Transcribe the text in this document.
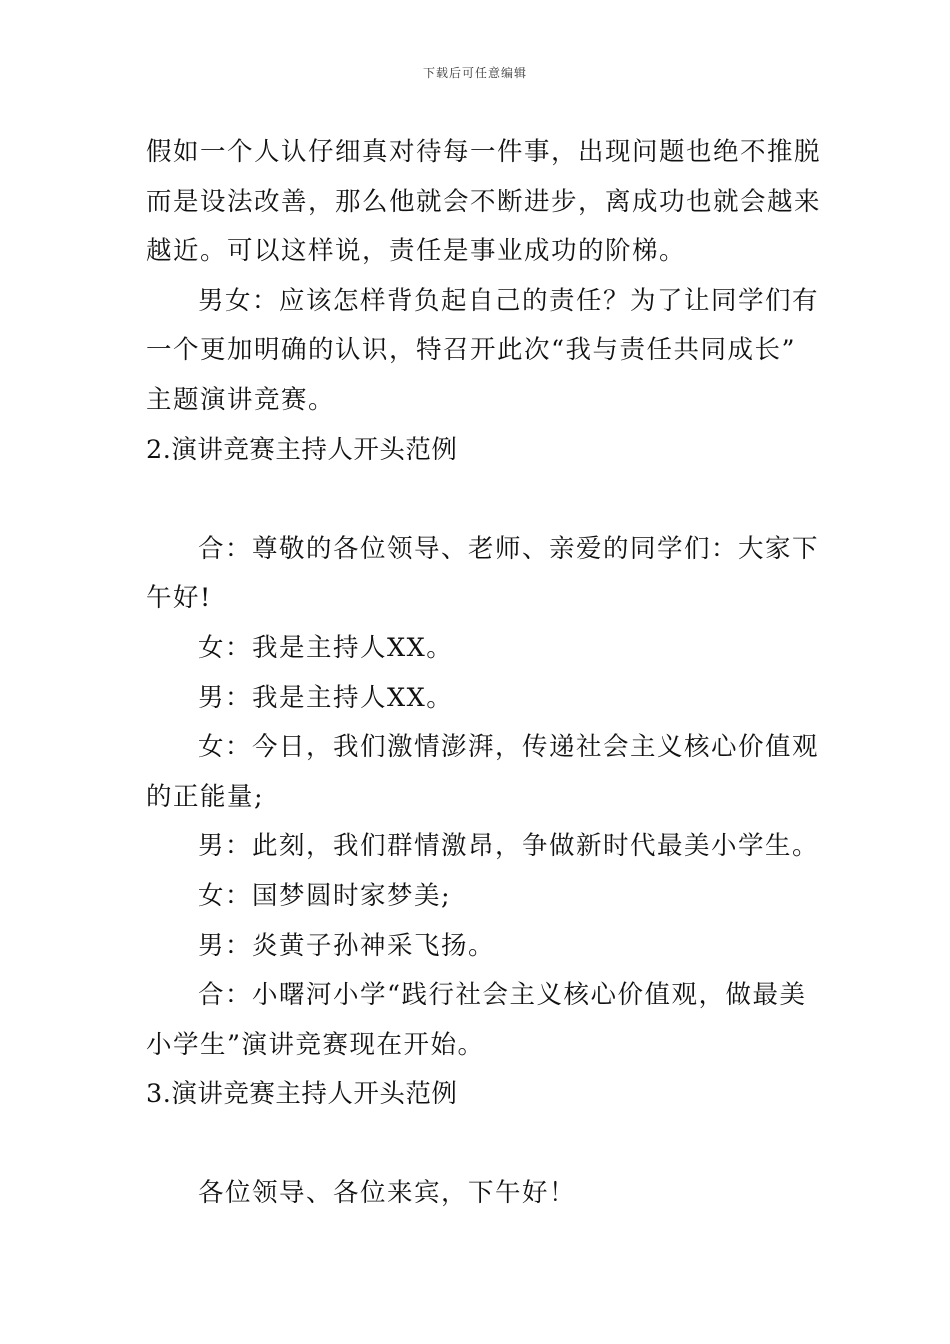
下载后可任意编辑

假如一个人认仔细真对待每一件事，出现问题也绝不推脱

而是设法改善，那么他就会不断进步，离成功也就会越来

越近。可以这样说，责任是事业成功的阶梯。

男女：应该怎样背负起自己的责任？为了让同学们有

一个更加明确的认识，特召开此次“我与责任共同成长”

主题演讲竞赛。

2.演讲竞赛主持人开头范例

合：尊敬的各位领导、老师、亲爱的同学们：大家下

午好!

女：我是主持人XX。

男：我是主持人XX。

女：今日，我们激情澎湃，传递社会主义核心价值观

的正能量;

男：此刻，我们群情激昂，争做新时代最美小学生。

女：国梦圆时家梦美;

男：炎黄子孙神采飞扬。

合：小曙河小学“践行社会主义核心价值观，做最美

小学生”演讲竞赛现在开始。

3.演讲竞赛主持人开头范例

各位领导、各位来宾，下午好！
